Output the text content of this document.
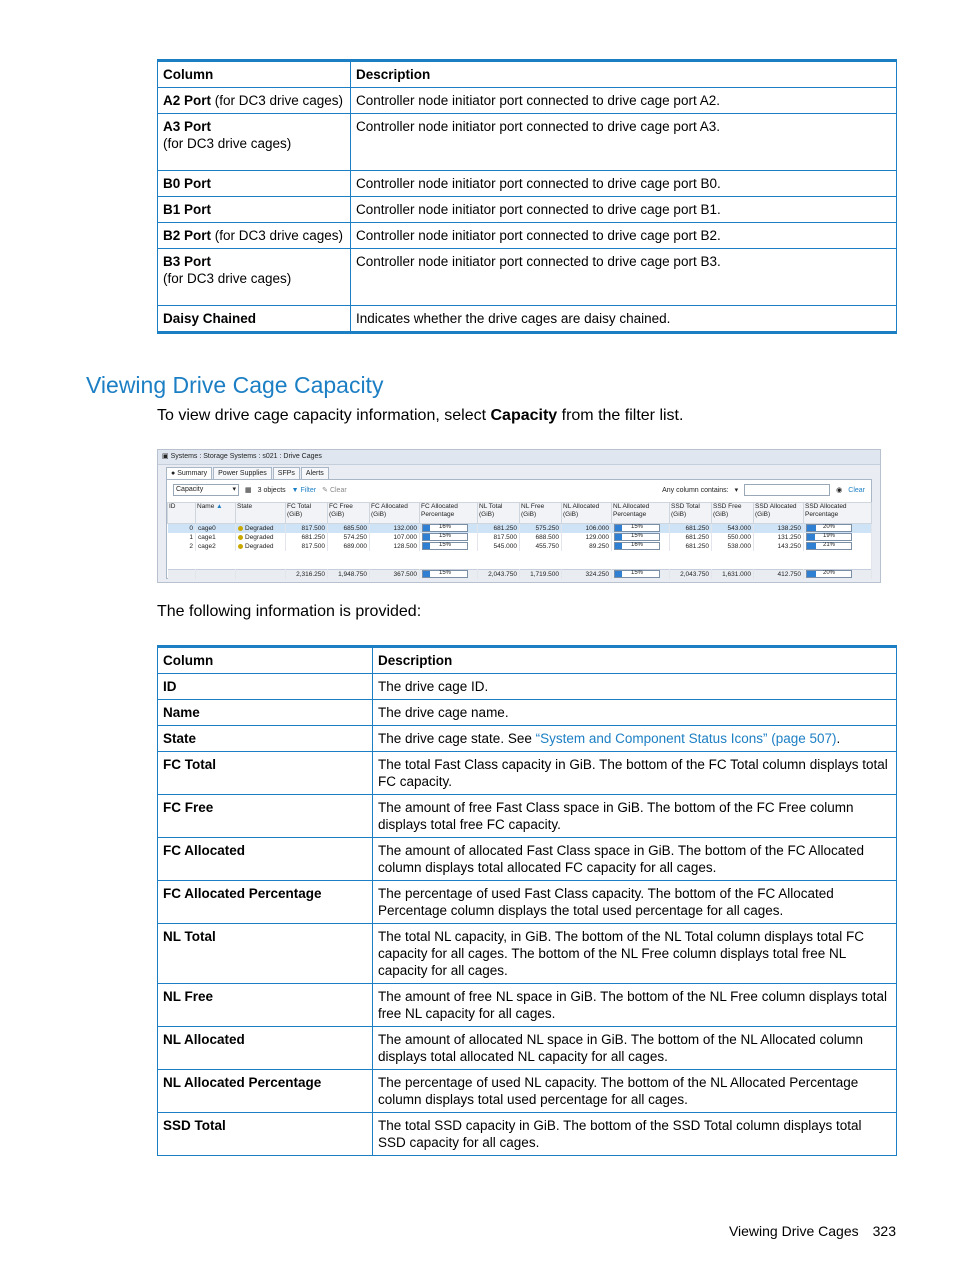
Column	Description
A2 Port (for DC3 drive cages)	Controller node initiator port connected to drive cage port A2.
A3 Port
(for DC3 drive cages)	Controller node initiator port connected to drive cage port A3.
B0 Port	Controller node initiator port connected to drive cage port B0.
B1 Port	Controller node initiator port connected to drive cage port B1.
B2 Port (for DC3 drive cages)	Controller node initiator port connected to drive cage port B2.
B3 Port
(for DC3 drive cages)	Controller node initiator port connected to drive cage port B3.
Daisy Chained	Indicates whether the drive cages are daisy chained.
Viewing Drive Cage Capacity

To view drive cage capacity information, select Capacity from the filter list.

▣ Systems : Storage Systems : s021 : Drive Cages
● Summary	Power Supplies	SFPs	Alerts
Capacity	▾ ▦ 3 objects ▼ Filter ✎ Clear	Any column contains: ▾	◉ Clear
ID	Name ▲	State	FC Total (GiB)	FC Free (GiB)	FC Allocated (GiB)	FC Allocated Percentage	NL Total (GiB)	NL Free (GiB)	NL Allocated (GiB)	NL Allocated Percentage	SSD Total (GiB)	SSD Free (GiB)	SSD Allocated (GiB)	SSD Allocated Percentage
0	cage0	Degraded	817.500	685.500	132.000	16%	681.250	575.250	106.000	15%	681.250	543.000	138.250	20%

1	cage1	Degraded	681.250	574.250	107.000	15%	817.500	688.500	129.000	15%	681.250	550.000	131.250	19%

2	cage2	Degraded	817.500	689.000	128.500	15%	545.000	455.750	89.250	16%	681.250	538.000	143.250	21%

			2,316.250	1,948.750	367.500	15%	2,043.750	1,719.500	324.250	15%	2,043.750	1,631.000	412.750	20%

The following information is provided:

Column	Description
ID	The drive cage ID.
Name	The drive cage name.
State	The drive cage state. See “System and Component Status Icons” (page 507).
FC Total	The total Fast Class capacity in GiB. The bottom of the FC Total column displays total FC capacity.
FC Free	The amount of free Fast Class space in GiB. The bottom of the FC Free column displays total free FC capacity.
FC Allocated	The amount of allocated Fast Class space in GiB. The bottom of the FC Allocated column displays total allocated FC capacity for all cages.
FC Allocated Percentage	The percentage of used Fast Class capacity. The bottom of the FC Allocated Percentage column displays the total used percentage for all cages.
NL Total	The total NL capacity, in GiB. The bottom of the NL Total column displays total FC capacity for all cages. The bottom of the NL Free column displays total free NL capacity for all cages.
NL Free	The amount of free NL space in GiB. The bottom of the NL Free column displays total free NL capacity for all cages.
NL Allocated	The amount of allocated NL space in GiB. The bottom of the NL Allocated column displays total allocated NL capacity for all cages.
NL Allocated Percentage	The percentage of used NL capacity. The bottom of the NL Allocated Percentage column displays total used percentage for all cages.
SSD Total	The total SSD capacity in GiB. The bottom of the SSD Total column displays total SSD capacity for all cages.
Viewing Drive Cages 323
